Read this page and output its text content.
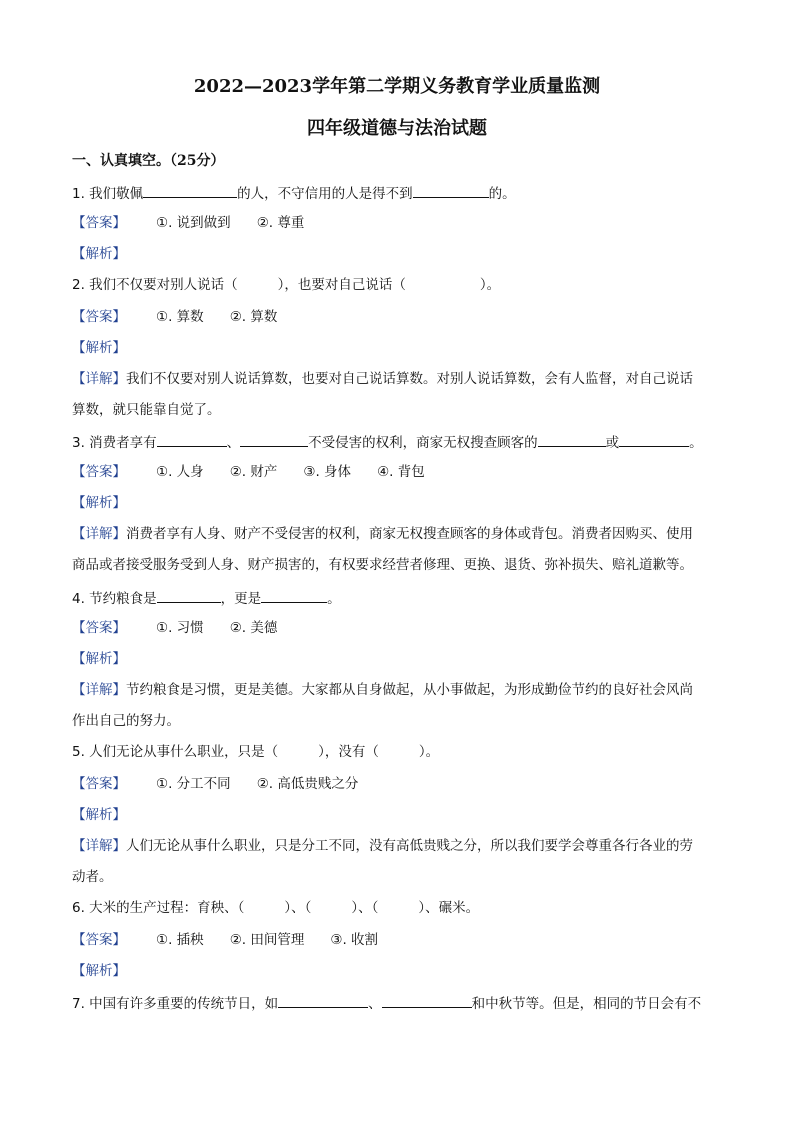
2022—2023学年第二学期义务教育学业质量监测
四年级道德与法治试题
一、认真填空。（25分）
1. 我们敬佩	的人，不守信用的人是得不到	的。
【答案】 ①. 说到做到 ②. 尊重
【解析】
2. 我们不仅要对别人说话（	），也要对自己说话（	）。
【答案】 ①. 算数 ②. 算数
【解析】
【详解】我们不仅要对别人说话算数，也要对自己说话算数。对别人说话算数，会有人监督，对自己说话
算数，就只能靠自觉了。
3. 消费者享有	、	不受侵害的权利，商家无权搜查顾客的	或	。
【答案】 ①. 人身 ②. 财产 ③. 身体 ④. 背包
【解析】
【详解】消费者享有人身、财产不受侵害的权利，商家无权搜查顾客的身体或背包。消费者因购买、使用
商品或者接受服务受到人身、财产损害的，有权要求经营者修理、更换、退货、弥补损失、赔礼道歉等。
4. 节约粮食是	，更是	。
【答案】 ①. 习惯 ②. 美德
【解析】
【详解】节约粮食是习惯，更是美德。大家都从自身做起，从小事做起，为形成勤俭节约的良好社会风尚
作出自己的努力。
5. 人们无论从事什么职业，只是（	），没有（	）。
【答案】 ①. 分工不同 ②. 高低贵贱之分
【解析】
【详解】人们无论从事什么职业，只是分工不同，没有高低贵贱之分，所以我们要学会尊重各行各业的劳
动者。
6. 大米的生产过程：育秧、（	）、（	）、（	）、碾米。
【答案】 ①. 插秧 ②. 田间管理 ③. 收割
【解析】
7. 中国有许多重要的传统节日，如	、	和中秋节等。但是，相同的节日会有不
